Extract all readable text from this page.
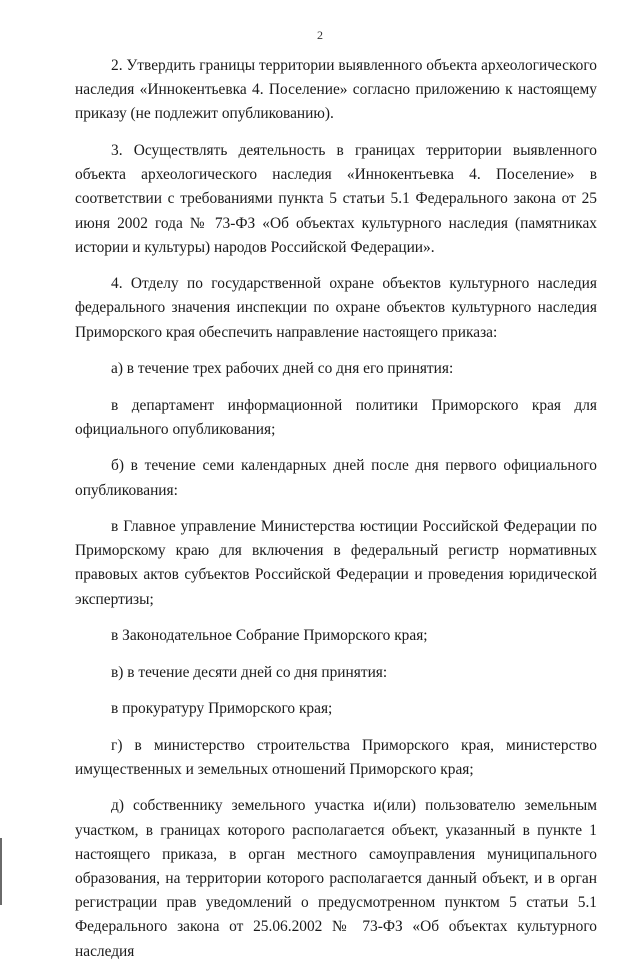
2

2. Утвердить границы территории выявленного объекта археологического наследия «Иннокентьевка 4. Поселение» согласно приложению к настоящему приказу (не подлежит опубликованию).

3. Осуществлять деятельность в границах территории выявленного объекта археологического наследия «Иннокентьевка 4. Поселение» в соответствии с требованиями пункта 5 статьи 5.1 Федерального закона от 25 июня 2002 года № 73-ФЗ «Об объектах культурного наследия (памятниках истории и культуры) народов Российской Федерации».

4. Отделу по государственной охране объектов культурного наследия федерального значения инспекции по охране объектов культурного наследия Приморского края обеспечить направление настоящего приказа:

а) в течение трех рабочих дней со дня его принятия:

в департамент информационной политики Приморского края для официального опубликования;

б) в течение семи календарных дней после дня первого официального опубликования:

в Главное управление Министерства юстиции Российской Федерации по Приморскому краю для включения в федеральный регистр нормативных правовых актов субъектов Российской Федерации и проведения юридической экспертизы;

в Законодательное Собрание Приморского края;

в) в течение десяти дней со дня принятия:

в прокуратуру Приморского края;

г) в министерство строительства Приморского края, министерство имущественных и земельных отношений Приморского края;

д) собственнику земельного участка и(или) пользователю земельным участком, в границах которого располагается объект, указанный в пункте 1 настоящего приказа, в орган местного самоуправления муниципального образования, на территории которого располагается данный объект, и в орган регистрации прав уведомлений о предусмотренном пунктом 5 статьи 5.1 Федерального закона от 25.06.2002 № 73-ФЗ «Об объектах культурного наследия
